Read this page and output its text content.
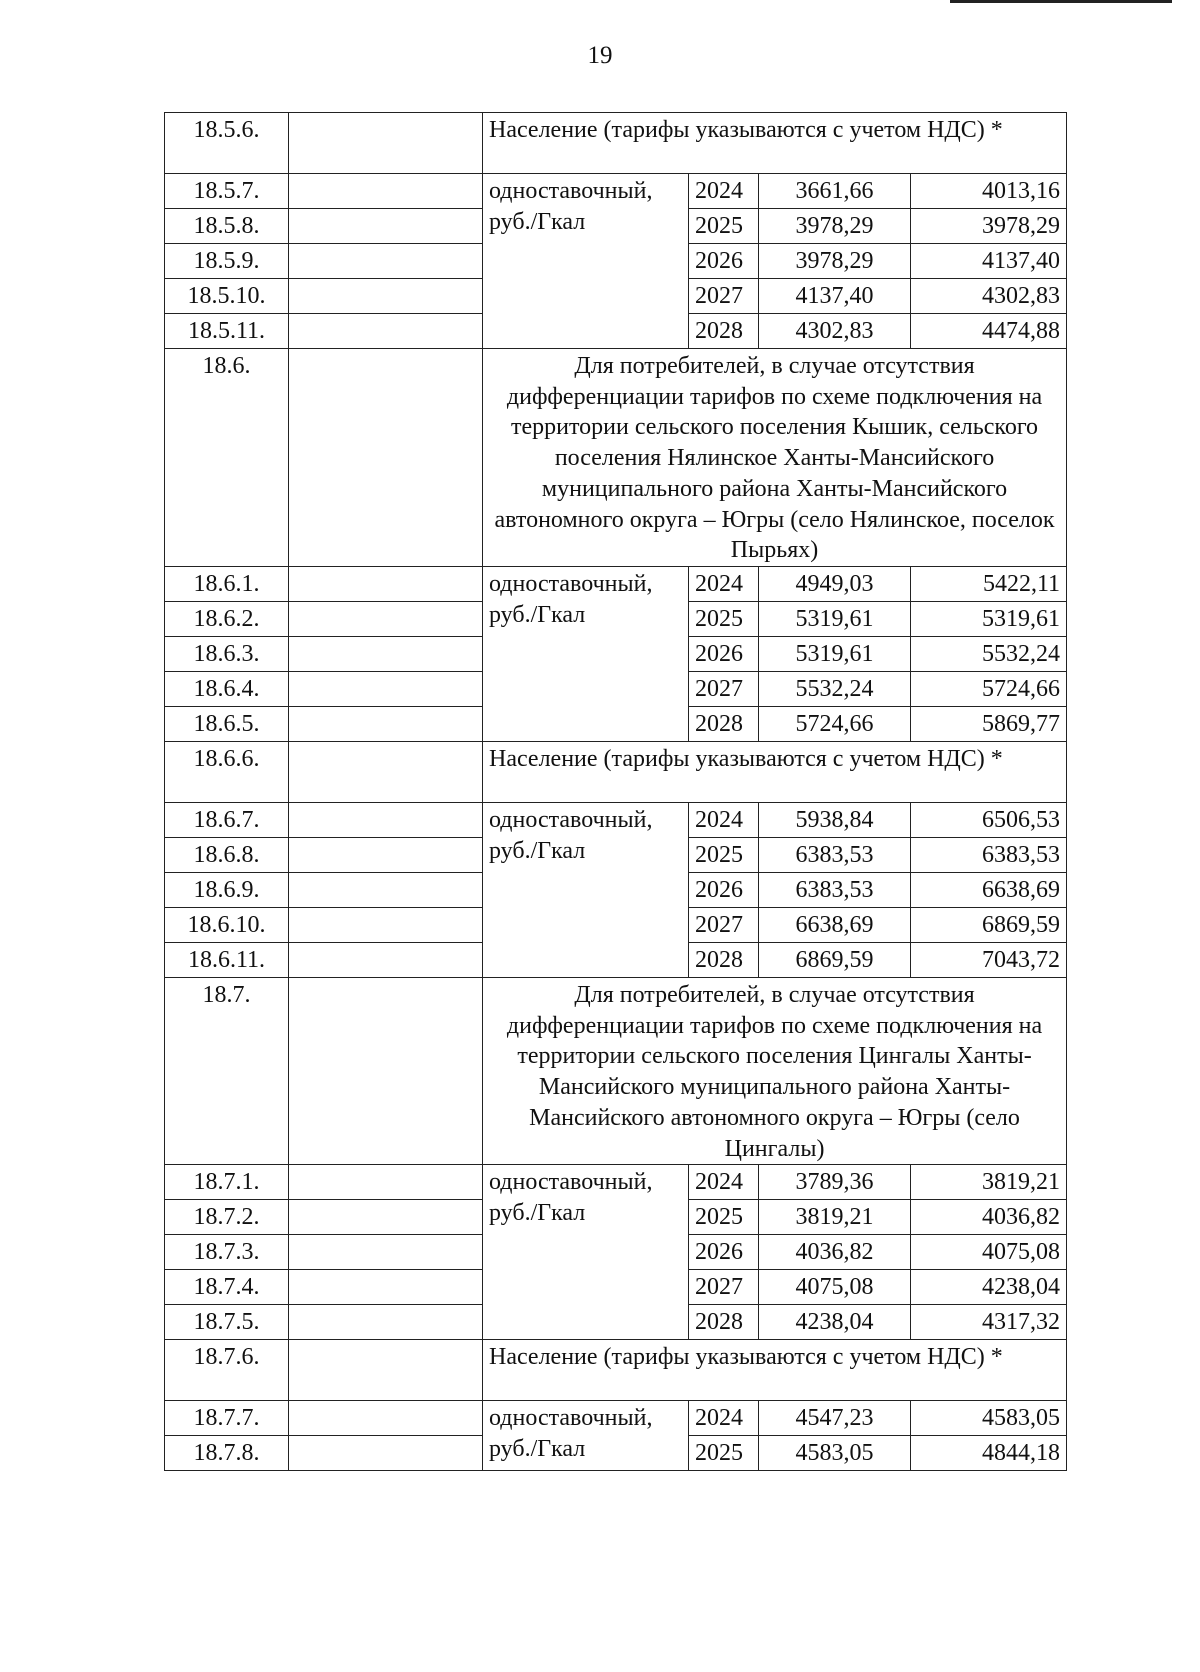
19
18.5.6.		Население (тарифы указываются с учетом НДС) *			
18.5.7.		одноставочный, руб./Гкал	2024	3661,66	4013,16
18.5.8.			2025	3978,29	3978,29
18.5.9.			2026	3978,29	4137,40
18.5.10.			2027	4137,40	4302,83
18.5.11.			2028	4302,83	4474,88
18.6.		Для потребителей, в случае отсутствия дифференциации тарифов по схеме подключения на территории сельского поселения Кышик, сельского поселения Нялинское Ханты-Мансийского муниципального района Ханты-Мансийского автономного округа – Югры (село Нялинское, поселок Пырьях)			
18.6.1.		одноставочный, руб./Гкал	2024	4949,03	5422,11
18.6.2.			2025	5319,61	5319,61
18.6.3.			2026	5319,61	5532,24
18.6.4.			2027	5532,24	5724,66
18.6.5.			2028	5724,66	5869,77
18.6.6.		Население (тарифы указываются с учетом НДС) *			
18.6.7.		одноставочный, руб./Гкал	2024	5938,84	6506,53
18.6.8.			2025	6383,53	6383,53
18.6.9.			2026	6383,53	6638,69
18.6.10.			2027	6638,69	6869,59
18.6.11.			2028	6869,59	7043,72
18.7.		Для потребителей, в случае отсутствия дифференциации тарифов по схеме подключения на территории сельского поселения Цингалы Ханты-Мансийского муниципального района Ханты-Мансийского автономного округа – Югры (село Цингалы)			
18.7.1.		одноставочный, руб./Гкал	2024	3789,36	3819,21
18.7.2.			2025	3819,21	4036,82
18.7.3.			2026	4036,82	4075,08
18.7.4.			2027	4075,08	4238,04
18.7.5.			2028	4238,04	4317,32
18.7.6.		Население (тарифы указываются с учетом НДС) *			
18.7.7.		одноставочный, руб./Гкал	2024	4547,23	4583,05
18.7.8.			2025	4583,05	4844,18
